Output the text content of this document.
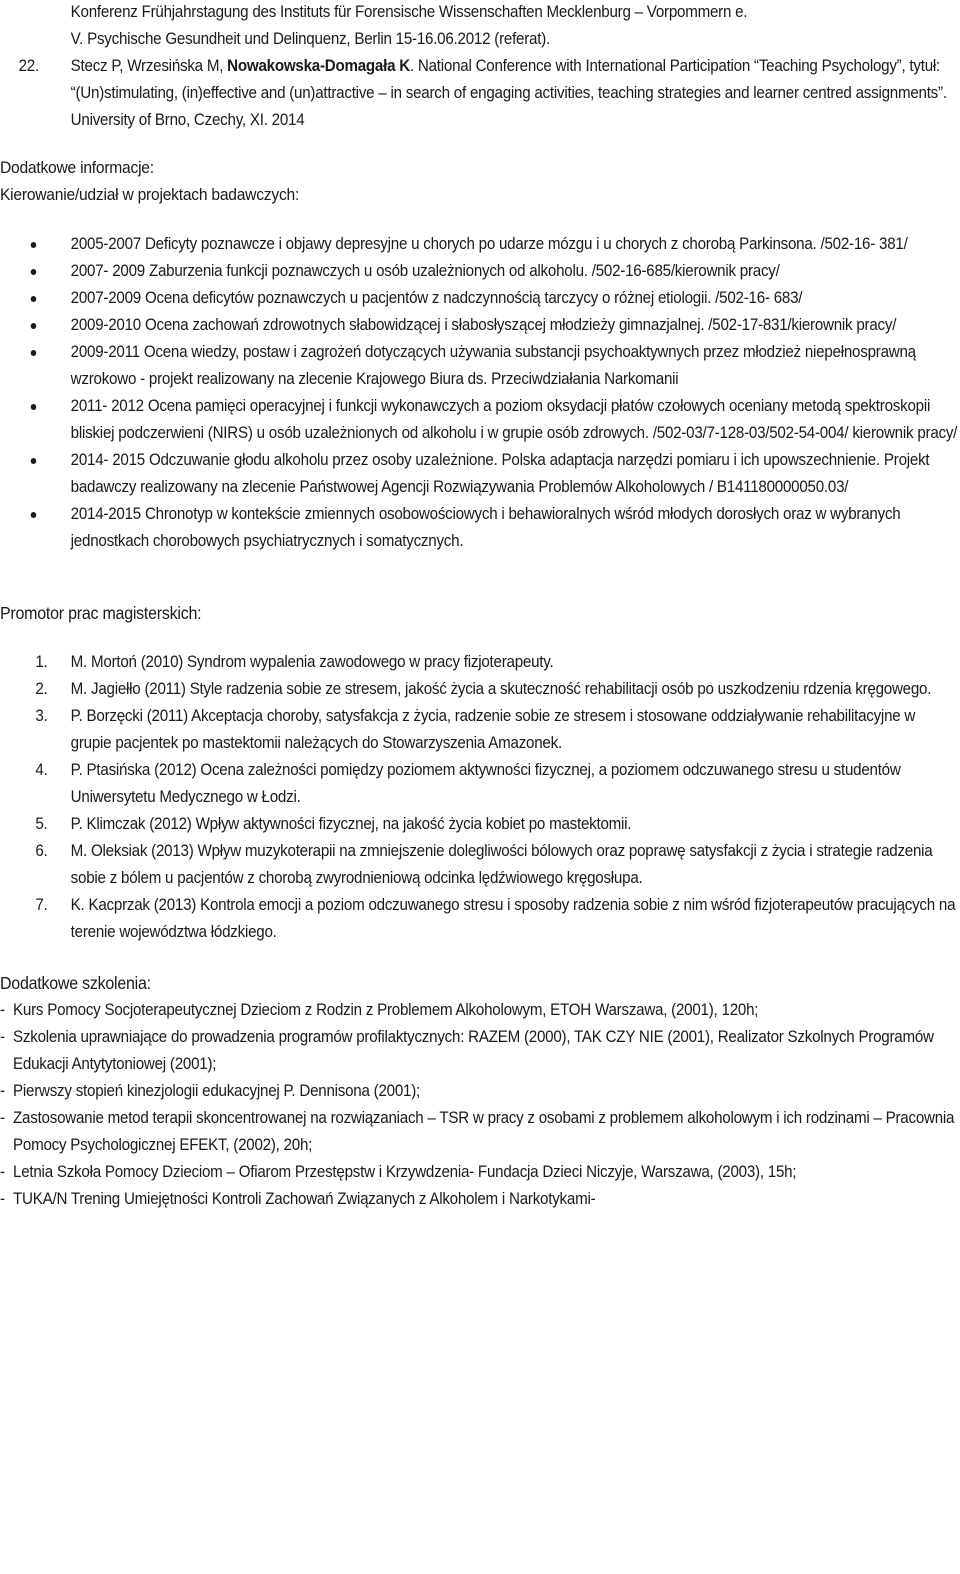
Konferenz Frühjahrstagung des Instituts für Forensische Wissenschaften Mecklenburg – Vorpommern e.
V. Psychische Gesundheit und Delinquenz, Berlin 15-16.06.2012 (referat).
22. Stecz P, Wrzesińska M, Nowakowska-Domagała K. National Conference with International Participation “Teaching Psychology”, tytuł: “(Un)stimulating, (in)effective and (un)attractive – in search of engaging activities, teaching strategies and learner centred assignments”. University of Brno, Czechy, XI. 2014
Dodatkowe informacje:
Kierowanie/udział w projektach badawczych:
2005-2007 Deficyty poznawcze i objawy depresyjne u chorych po udarze mózgu i u chorych z chorobą Parkinsona. /502-16- 381/
2007- 2009 Zaburzenia funkcji poznawczych u osób uzależnionych od alkoholu. /502-16-685/kierownik pracy/
2007-2009 Ocena deficytów poznawczych u pacjentów z nadczynnością tarczycy o różnej etiologii. /502-16- 683/
2009-2010 Ocena zachowań zdrowotnych słabowidzącej i słabosłyszącej młodzieży gimnazjalnej. /502-17-831/kierownik pracy/
2009-2011 Ocena wiedzy, postaw i zagrożeń dotyczących używania substancji psychoaktywnych przez młodzież niepełnosprawną wzrokowo - projekt realizowany na zlecenie Krajowego Biura ds. Przeciwdziałania Narkomanii
2011- 2012 Ocena pamięci operacyjnej i funkcji wykonawczych a poziom oksydacji płatów czołowych oceniany metodą spektroskopii bliskiej podczerwieni (NIRS) u osób uzależnionych od alkoholu i w grupie osób zdrowych. /502-03/7-128-03/502-54-004/ kierownik pracy/
2014- 2015 Odczuwanie głodu alkoholu przez osoby uzależnione. Polska adaptacja narzędzi pomiaru i ich upowszechnienie. Projekt badawczy realizowany na zlecenie Państwowej Agencji Rozwiązywania Problemów Alkoholowych / B141180000050.03/
2014-2015 Chronotyp w kontekście zmiennych osobowościowych i behawioralnych wśród młodych dorosłych oraz w wybranych jednostkach chorobowych psychiatrycznych i somatycznych.
Promotor prac magisterskich:
1. M. Mortoń (2010) Syndrom wypalenia zawodowego w pracy fizjoterapeuty.
2. M. Jagiełło (2011) Style radzenia sobie ze stresem, jakość życia a skuteczność rehabilitacji osób po uszkodzeniu rdzenia kręgowego.
3. P. Borzęcki (2011) Akceptacja choroby, satysfakcja z życia, radzenie sobie ze stresem i stosowane oddziaływanie rehabilitacyjne w grupie pacjentek po mastektomii należących do Stowarzyszenia Amazonek.
4. P. Ptasińska (2012) Ocena zależności pomiędzy poziomem aktywności fizycznej, a poziomem odczuwanego stresu u studentów Uniwersytetu Medycznego w Łodzi.
5. P. Klimczak (2012) Wpływ aktywności fizycznej, na jakość życia kobiet po mastektomii.
6. M. Oleksiak (2013) Wpływ muzykoterapii na zmniejszenie dolegliwości bólowych oraz poprawę satysfakcji z życia i strategie radzenia sobie z bólem u pacjentów z chorobą zwyrodnieniową odcinka lędźwiowego kręgosłupa.
7. K. Kacprzak (2013) Kontrola emocji a poziom odczuwanego stresu i sposoby radzenia sobie z nim wśród fizjoterapeutów pracujących na terenie województwa łódzkiego.
Dodatkowe szkolenia:
- Kurs Pomocy Socjoterapeutycznej Dzieciom z Rodzin z Problemem Alkoholowym, ETOH Warszawa, (2001), 120h;
- Szkolenia uprawniające do prowadzenia programów profilaktycznych: RAZEM (2000), TAK CZY NIE (2001), Realizator Szkolnych Programów Edukacji Antytytoniowej (2001);
- Pierwszy stopień kinezjologii edukacyjnej P. Dennisona (2001);
- Zastosowanie metod terapii skoncentrowanej na rozwiązaniach – TSR w pracy z osobami z problemem alkoholowym i ich rodzinami – Pracownia Pomocy Psychologicznej EFEKT, (2002), 20h;
- Letnia Szkoła Pomocy Dzieciom – Ofiarom Przestępstw i Krzywdzenia- Fundacja Dzieci Niczyje, Warszawa, (2003), 15h;
- TUKA/N Trening Umiejętności Kontroli Zachowań Związanych z Alkoholem i Narkotykami-
